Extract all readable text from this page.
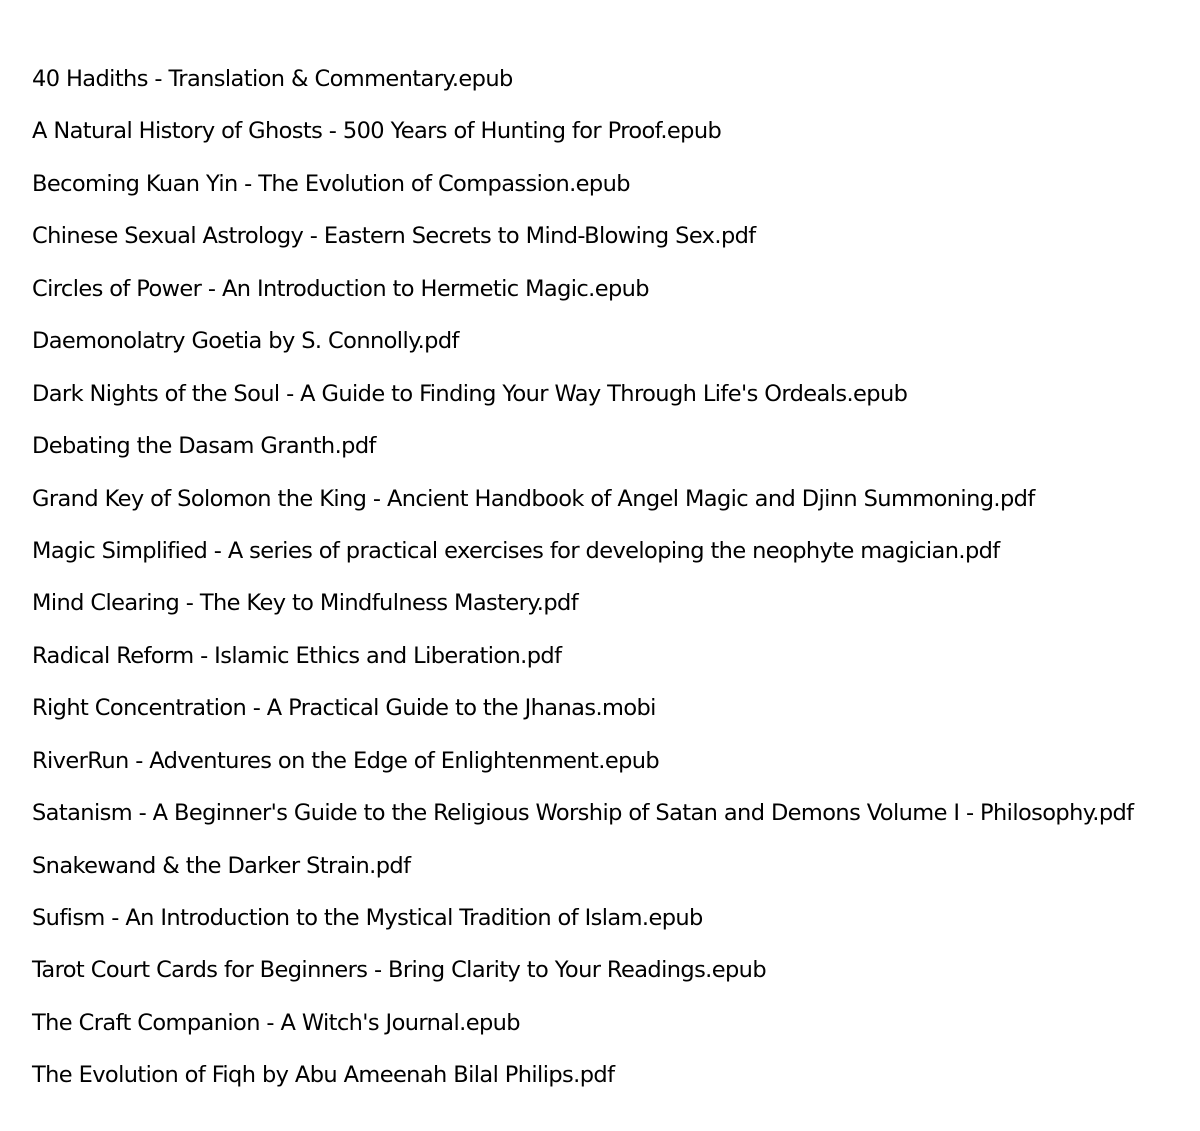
40 Hadiths - Translation & Commentary.epub
A Natural History of Ghosts - 500 Years of Hunting for Proof.epub
Becoming Kuan Yin - The Evolution of Compassion.epub
Chinese Sexual Astrology - Eastern Secrets to Mind-Blowing Sex.pdf
Circles of Power - An Introduction to Hermetic Magic.epub
Daemonolatry Goetia by S. Connolly.pdf
Dark Nights of the Soul - A Guide to Finding Your Way Through Life's Ordeals.epub
Debating the Dasam Granth.pdf
Grand Key of Solomon the King - Ancient Handbook of Angel Magic and Djinn Summoning.pdf
Magic Simplified - A series of practical exercises for developing the neophyte magician.pdf
Mind Clearing - The Key to Mindfulness Mastery.pdf
Radical Reform - Islamic Ethics and Liberation.pdf
Right Concentration - A Practical Guide to the Jhanas.mobi
RiverRun - Adventures on the Edge of Enlightenment.epub
Satanism - A Beginner's Guide to the Religious Worship of Satan and Demons Volume I - Philosophy.pdf
Snakewand & the Darker Strain.pdf
Sufism - An Introduction to the Mystical Tradition of Islam.epub
Tarot Court Cards for Beginners - Bring Clarity to Your Readings.epub
The Craft Companion - A Witch's Journal.epub
The Evolution of Fiqh by Abu Ameenah Bilal Philips.pdf
